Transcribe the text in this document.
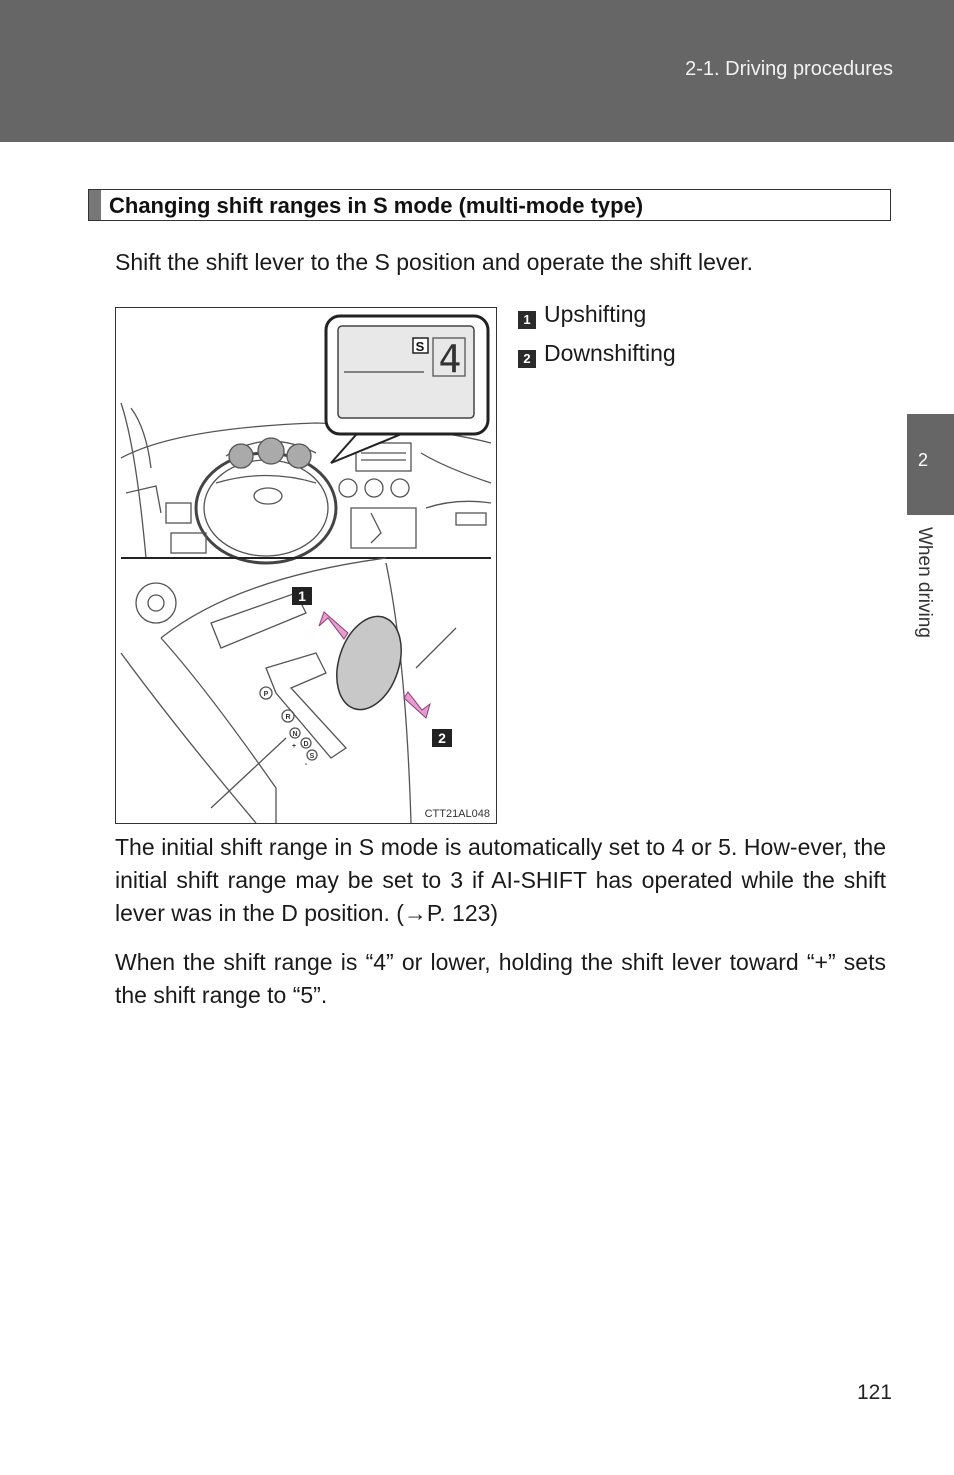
2-1. Driving procedures
Changing shift ranges in S mode (multi-mode type)

Shift the shift lever to the S position and operate the shift lever.

1
2
S 4
P
R
N
D
S
+
-
CTT21AL048
1 Upshifting
2 Downshifting

The initial shift range in S mode is automatically set to 4 or 5. How-ever, the initial shift range may be set to 3 if AI-SHIFT has operated while the shift lever was in the D position. (→P. 123)

When the shift range is “4” or lower, holding the shift lever toward “+” sets the shift range to “5”.

2
When driving
121
